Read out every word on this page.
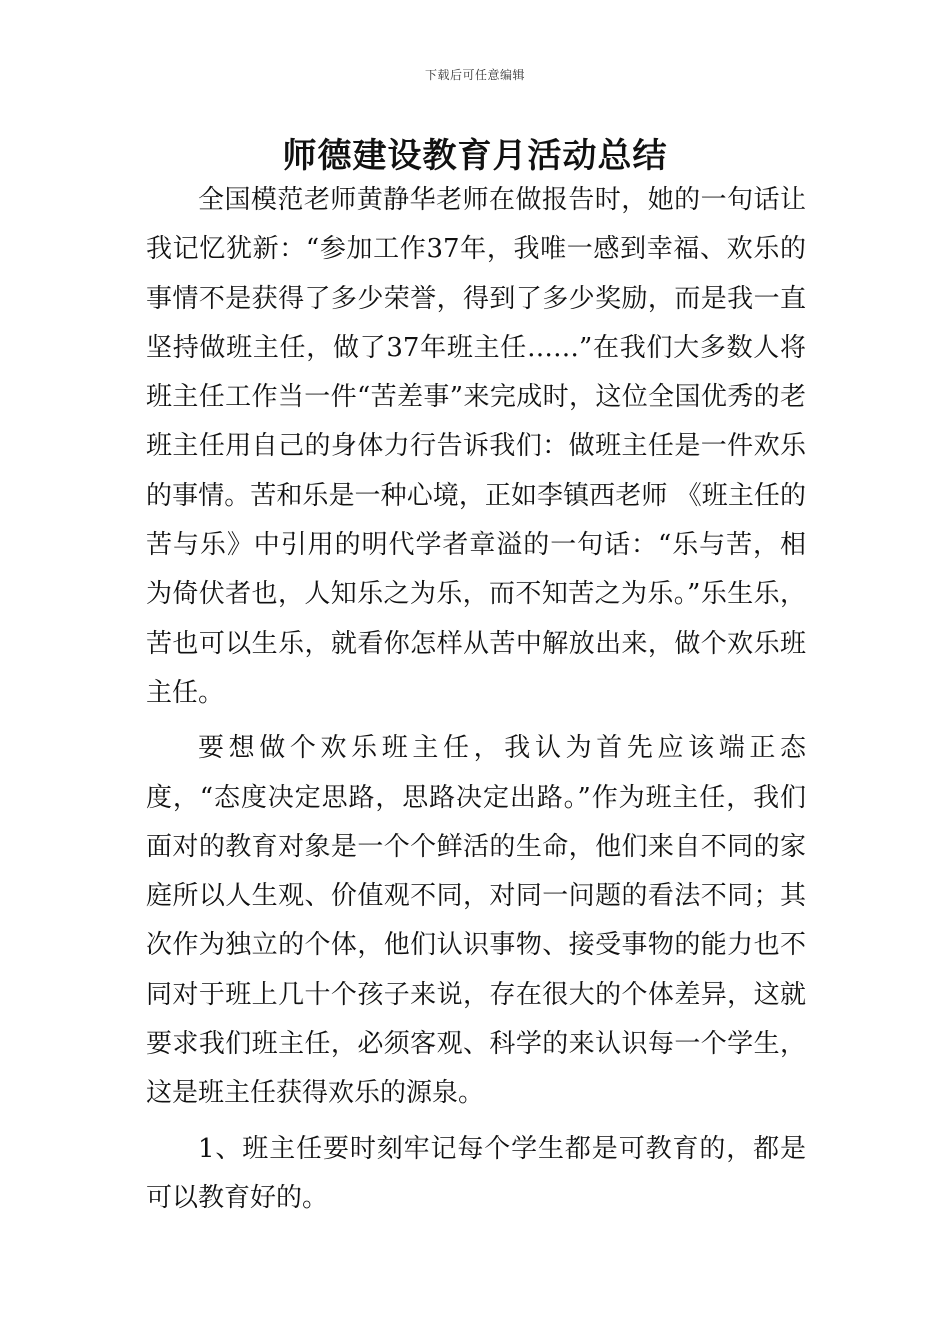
下载后可任意编辑
师德建设教育月活动总结

全国模范老师黄静华老师在做报告时，她的一句话让我记忆犹新：“参加工作37年，我唯一感到幸福、欢乐的事情不是获得了多少荣誉，得到了多少奖励，而是我一直坚持做班主任，做了37年班主任……”在我们大多数人将班主任工作当一件“苦差事”来完成时，这位全国优秀的老班主任用自己的身体力行告诉我们：做班主任是一件欢乐的事情。苦和乐是一种心境，正如李镇西老师 《班主任的苦与乐》中引用的明代学者章溢的一句话：“乐与苦，相为倚伏者也，人知乐之为乐，而不知苦之为乐。”乐生乐，苦也可以生乐，就看你怎样从苦中解放出来，做个欢乐班主任。

要想做个欢乐班主任，我认为首先应该端正态度，“态度决定思路，思路决定出路。”作为班主任，我们面对的教育对象是一个个鲜活的生命，他们来自不同的家庭所以人生观、价值观不同，对同一问题的看法不同；其次作为独立的个体，他们认识事物、接受事物的能力也不同对于班上几十个孩子来说，存在很大的个体差异，这就要求我们班主任，必须客观、科学的来认识每一个学生，这是班主任获得欢乐的源泉。

1、班主任要时刻牢记每个学生都是可教育的，都是可以教育好的。
